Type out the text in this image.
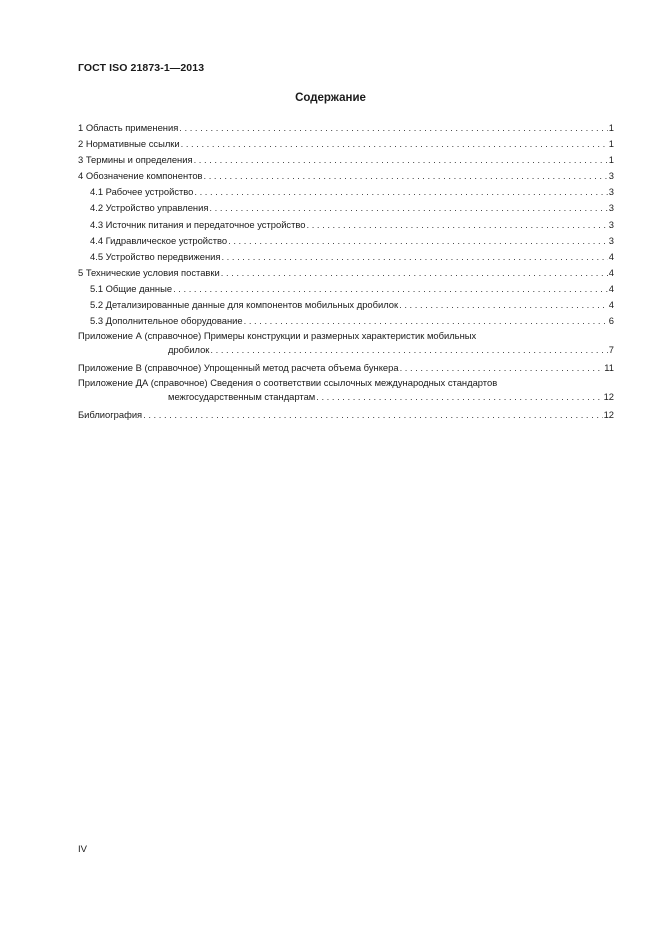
ГОСТ ISO 21873-1—2013
Содержание
1 Область применения . . .	1
2 Нормативные ссылки . . .	1
3 Термины и определения . . .	1
4 Обозначение компонентов . . .	3
4.1 Рабочее устройство . . .	3
4.2 Устройство управления . . .	3
4.3 Источник питания и передаточное устройство . . .	3
4.4 Гидравлическое устройство . . .	3
4.5 Устройство передвижения . . .	4
5 Технические условия поставки . . .	4
5.1 Общие данные . . .	4
5.2 Детализированные данные для компонентов мобильных дробилок . . .	4
5.3 Дополнительное оборудование . . .	6
Приложение А (справочное) Примеры конструкции и размерных характеристик мобильных
дробилок . . .	7
Приложение В (справочное) Упрощенный метод расчета объема бункера . . .	11
Приложение ДА (справочное) Сведения о соответствии ссылочных международных стандартов
межгосударственным стандартам . . .	12
Библиография . . .	12
IV
